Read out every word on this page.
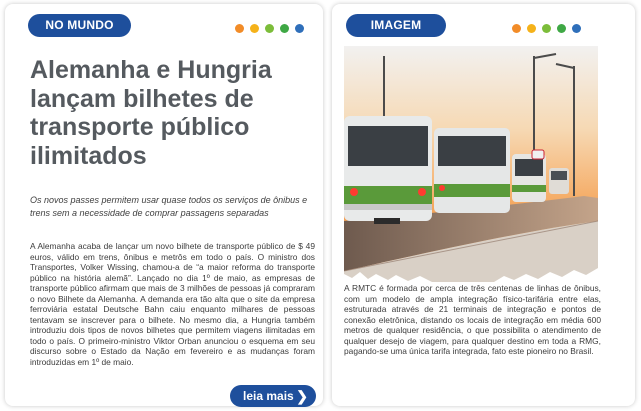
NO MUNDO
Alemanha e Hungria lançam bilhetes de transporte público ilimitados

Os novos passes permitem usar quase todos os serviços de ônibus e trens sem a necessidade de comprar passagens separadas

A Alemanha acaba de lançar um novo bilhete de transporte público de $ 49 euros, válido em trens, ônibus e metrôs em todo o país. O ministro dos Transportes, Volker Wissing, chamou-a de “a maior reforma do transporte público na história alemã”. Lançado no dia 1º de maio, as empresas de transporte público afirmam que mais de 3 milhões de pessoas já compraram o novo Bilhete da Alemanha. A demanda era tão alta que o site da empresa ferroviária estatal Deutsche Bahn caiu enquanto milhares de pessoas tentavam se inscrever para o bilhete. No mesmo dia, a Hungria também introduziu dois tipos de novos bilhetes que permitem viagens ilimitadas em todo o país. O primeiro-ministro Viktor Orban anunciou o esquema em seu discurso sobre o Estado da Nação em fevereiro e as mudanças foram introduzidas em 1º de maio.

leia mais ❯
IMAGEM

A RMTC é formada por cerca de três centenas de linhas de ônibus, com um modelo de ampla integração físico-tarifária entre elas, estruturada através de 21 terminais de integração e pontos de conexão eletrônica, distando os locais de integração em média 600 metros de qualquer residência, o que possibilita o atendimento de qualquer desejo de viagem, para qualquer destino em toda a RMG, pagando-se uma única tarifa integrada, fato este pioneiro no Brasil.
